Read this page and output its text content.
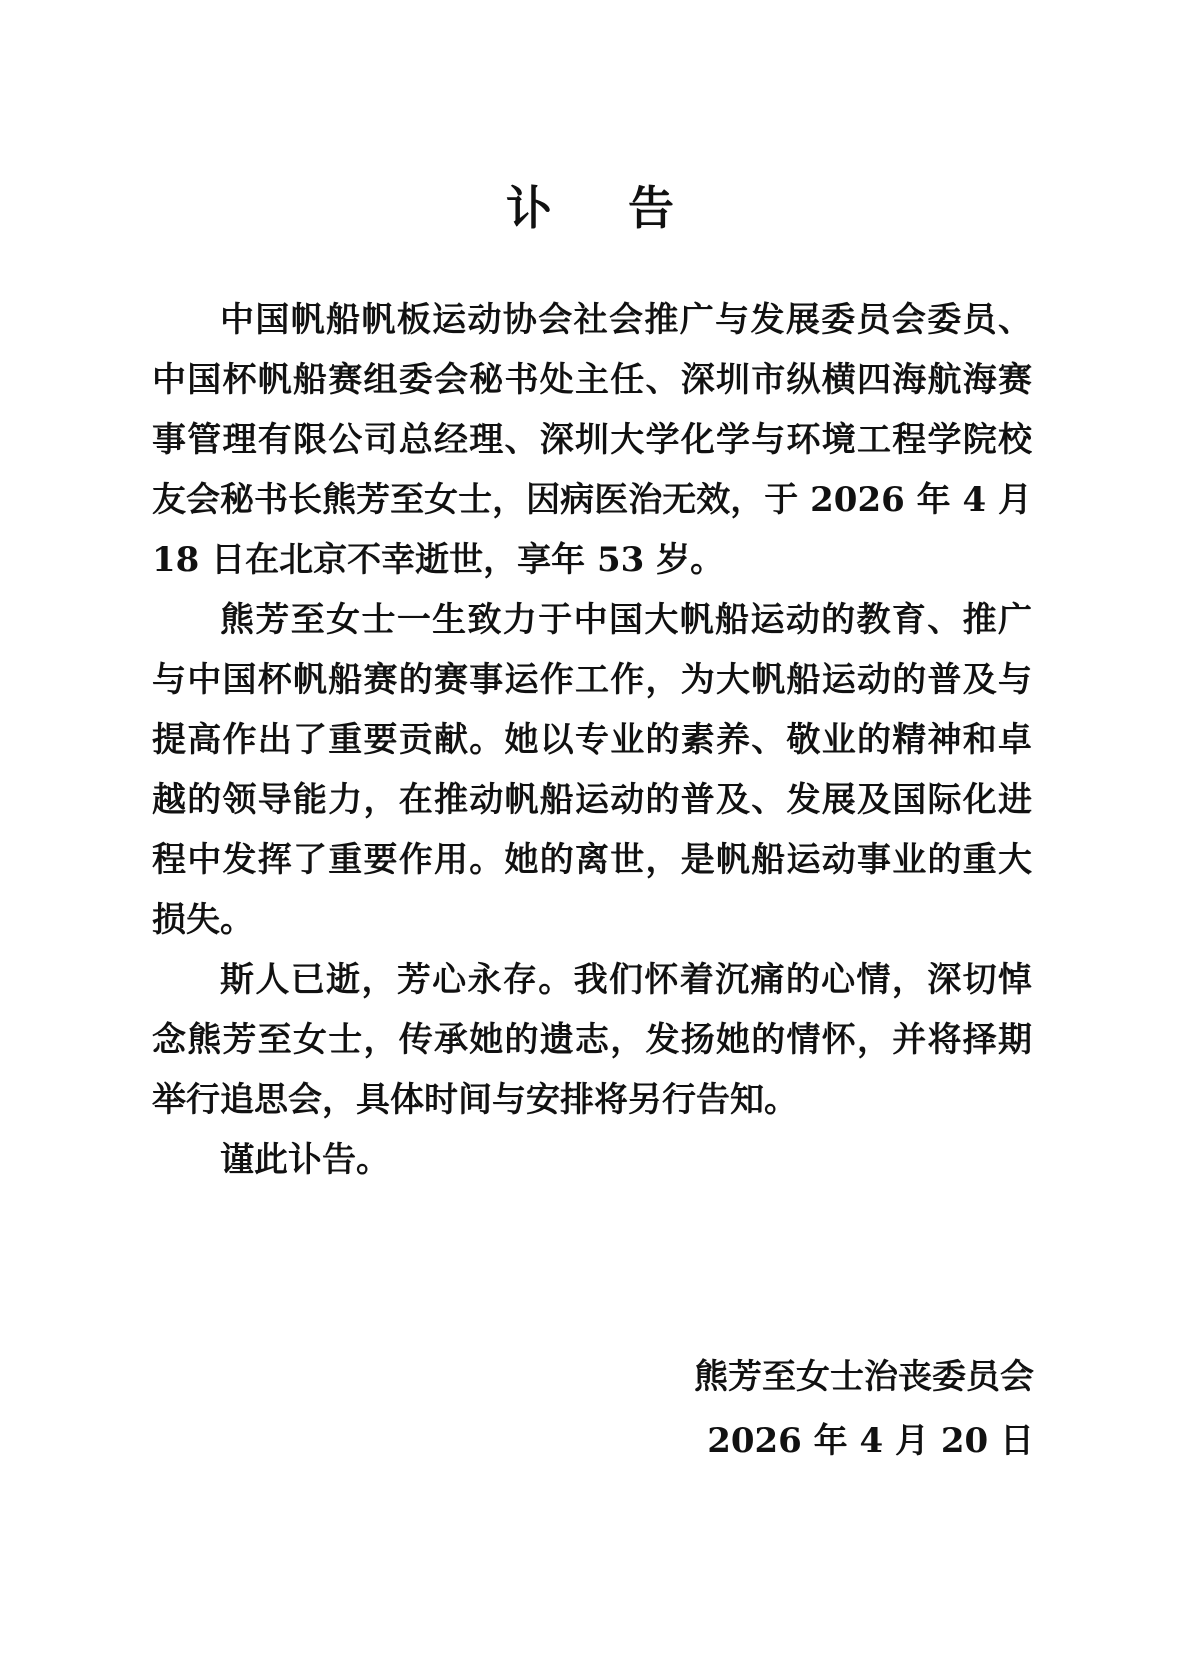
讣 告

中国帆船帆板运动协会社会推广与发展委员会委员、中国杯帆船赛组委会秘书处主任、深圳市纵横四海航海赛事管理有限公司总经理、深圳大学化学与环境工程学院校友会秘书长熊芳至女士，因病医治无效，于 2026 年 4 月 18 日在北京不幸逝世，享年 53 岁。

熊芳至女士一生致力于中国大帆船运动的教育、推广与中国杯帆船赛的赛事运作工作，为大帆船运动的普及与提高作出了重要贡献。她以专业的素养、敬业的精神和卓越的领导能力，在推动帆船运动的普及、发展及国际化进程中发挥了重要作用。她的离世，是帆船运动事业的重大损失。

斯人已逝，芳心永存。我们怀着沉痛的心情，深切悼念熊芳至女士，传承她的遗志，发扬她的情怀，并将择期举行追思会，具体时间与安排将另行告知。

谨此讣告。

熊芳至女士治丧委员会
2026 年 4 月 20 日
